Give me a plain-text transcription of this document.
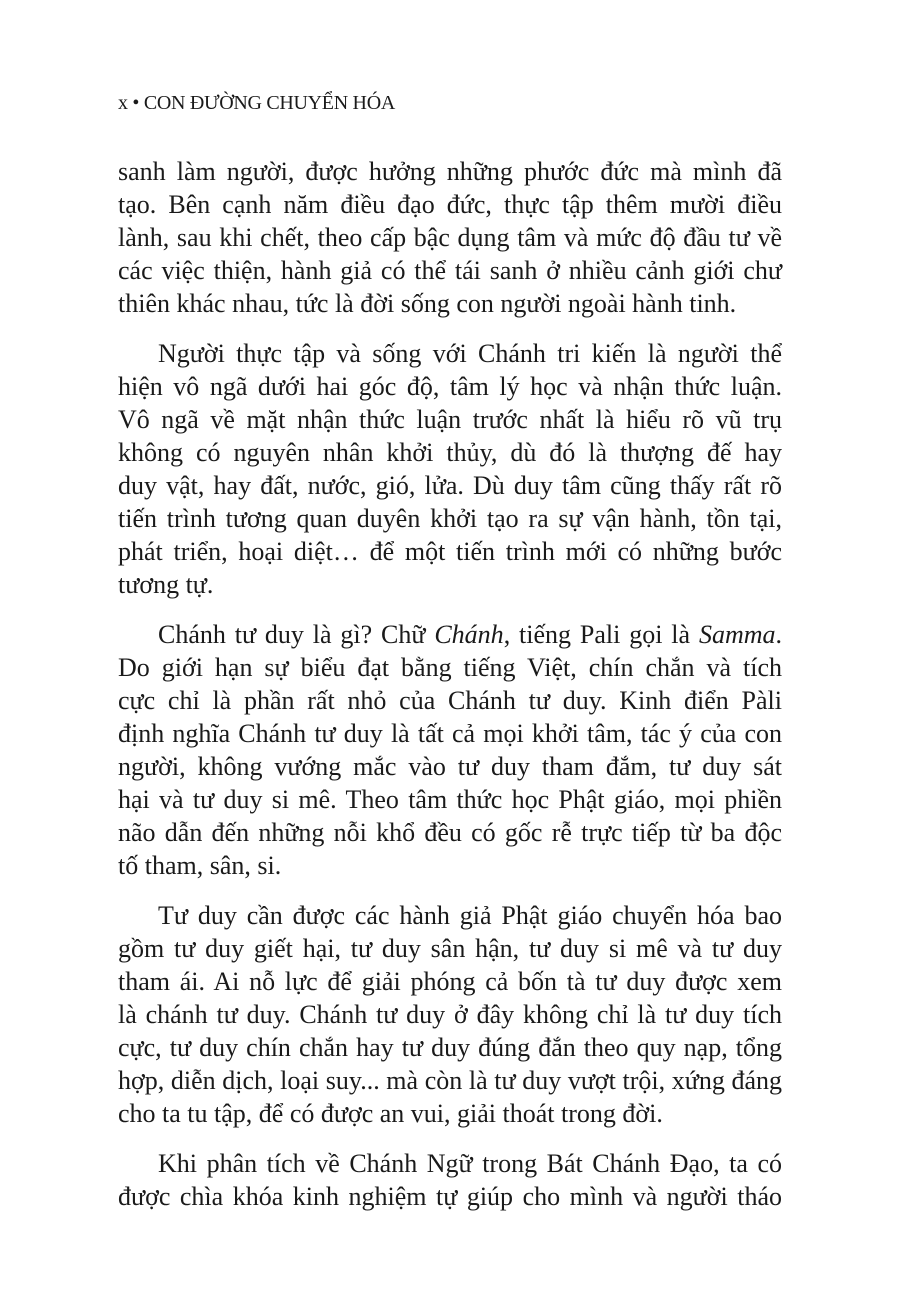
x • CON ĐƯỜNG CHUYỂN HÓA
sanh làm người, được hưởng những phước đức mà mình đã
tạo. Bên cạnh năm điều đạo đức, thực tập thêm mười điều
lành, sau khi chết, theo cấp bậc dụng tâm và mức độ đầu tư về
các việc thiện, hành giả có thể tái sanh ở nhiều cảnh giới chư
thiên khác nhau, tức là đời sống con người ngoài hành tinh.
Người thực tập và sống với Chánh tri kiến là người thể
hiện vô ngã dưới hai góc độ, tâm lý học và nhận thức luận.
Vô ngã về mặt nhận thức luận trước nhất là hiểu rõ vũ trụ
không có nguyên nhân khởi thủy, dù đó là thượng đế hay
duy vật, hay đất, nước, gió, lửa. Dù duy tâm cũng thấy rất rõ
tiến trình tương quan duyên khởi tạo ra sự vận hành, tồn tại,
phát triển, hoại diệt… để một tiến trình mới có những bước
tương tự.
Chánh tư duy là gì? Chữ Chánh, tiếng Pali gọi là Samma.
Do giới hạn sự biểu đạt bằng tiếng Việt, chín chắn và tích
cực chỉ là phần rất nhỏ của Chánh tư duy. Kinh điển Pàli
định nghĩa Chánh tư duy là tất cả mọi khởi tâm, tác ý của con
người, không vướng mắc vào tư duy tham đắm, tư duy sát
hại và tư duy si mê. Theo tâm thức học Phật giáo, mọi phiền
não dẫn đến những nỗi khổ đều có gốc rễ trực tiếp từ ba độc
tố tham, sân, si.
Tư duy cần được các hành giả Phật giáo chuyển hóa bao
gồm tư duy giết hại, tư duy sân hận, tư duy si mê và tư duy
tham ái. Ai nỗ lực để giải phóng cả bốn tà tư duy được xem
là chánh tư duy. Chánh tư duy ở đây không chỉ là tư duy tích
cực, tư duy chín chắn hay tư duy đúng đắn theo quy nạp, tổng
hợp, diễn dịch, loại suy... mà còn là tư duy vượt trội, xứng đáng
cho ta tu tập, để có được an vui, giải thoát trong đời.
Khi phân tích về Chánh Ngữ trong Bát Chánh Đạo, ta có
được chìa khóa kinh nghiệm tự giúp cho mình và người tháo
